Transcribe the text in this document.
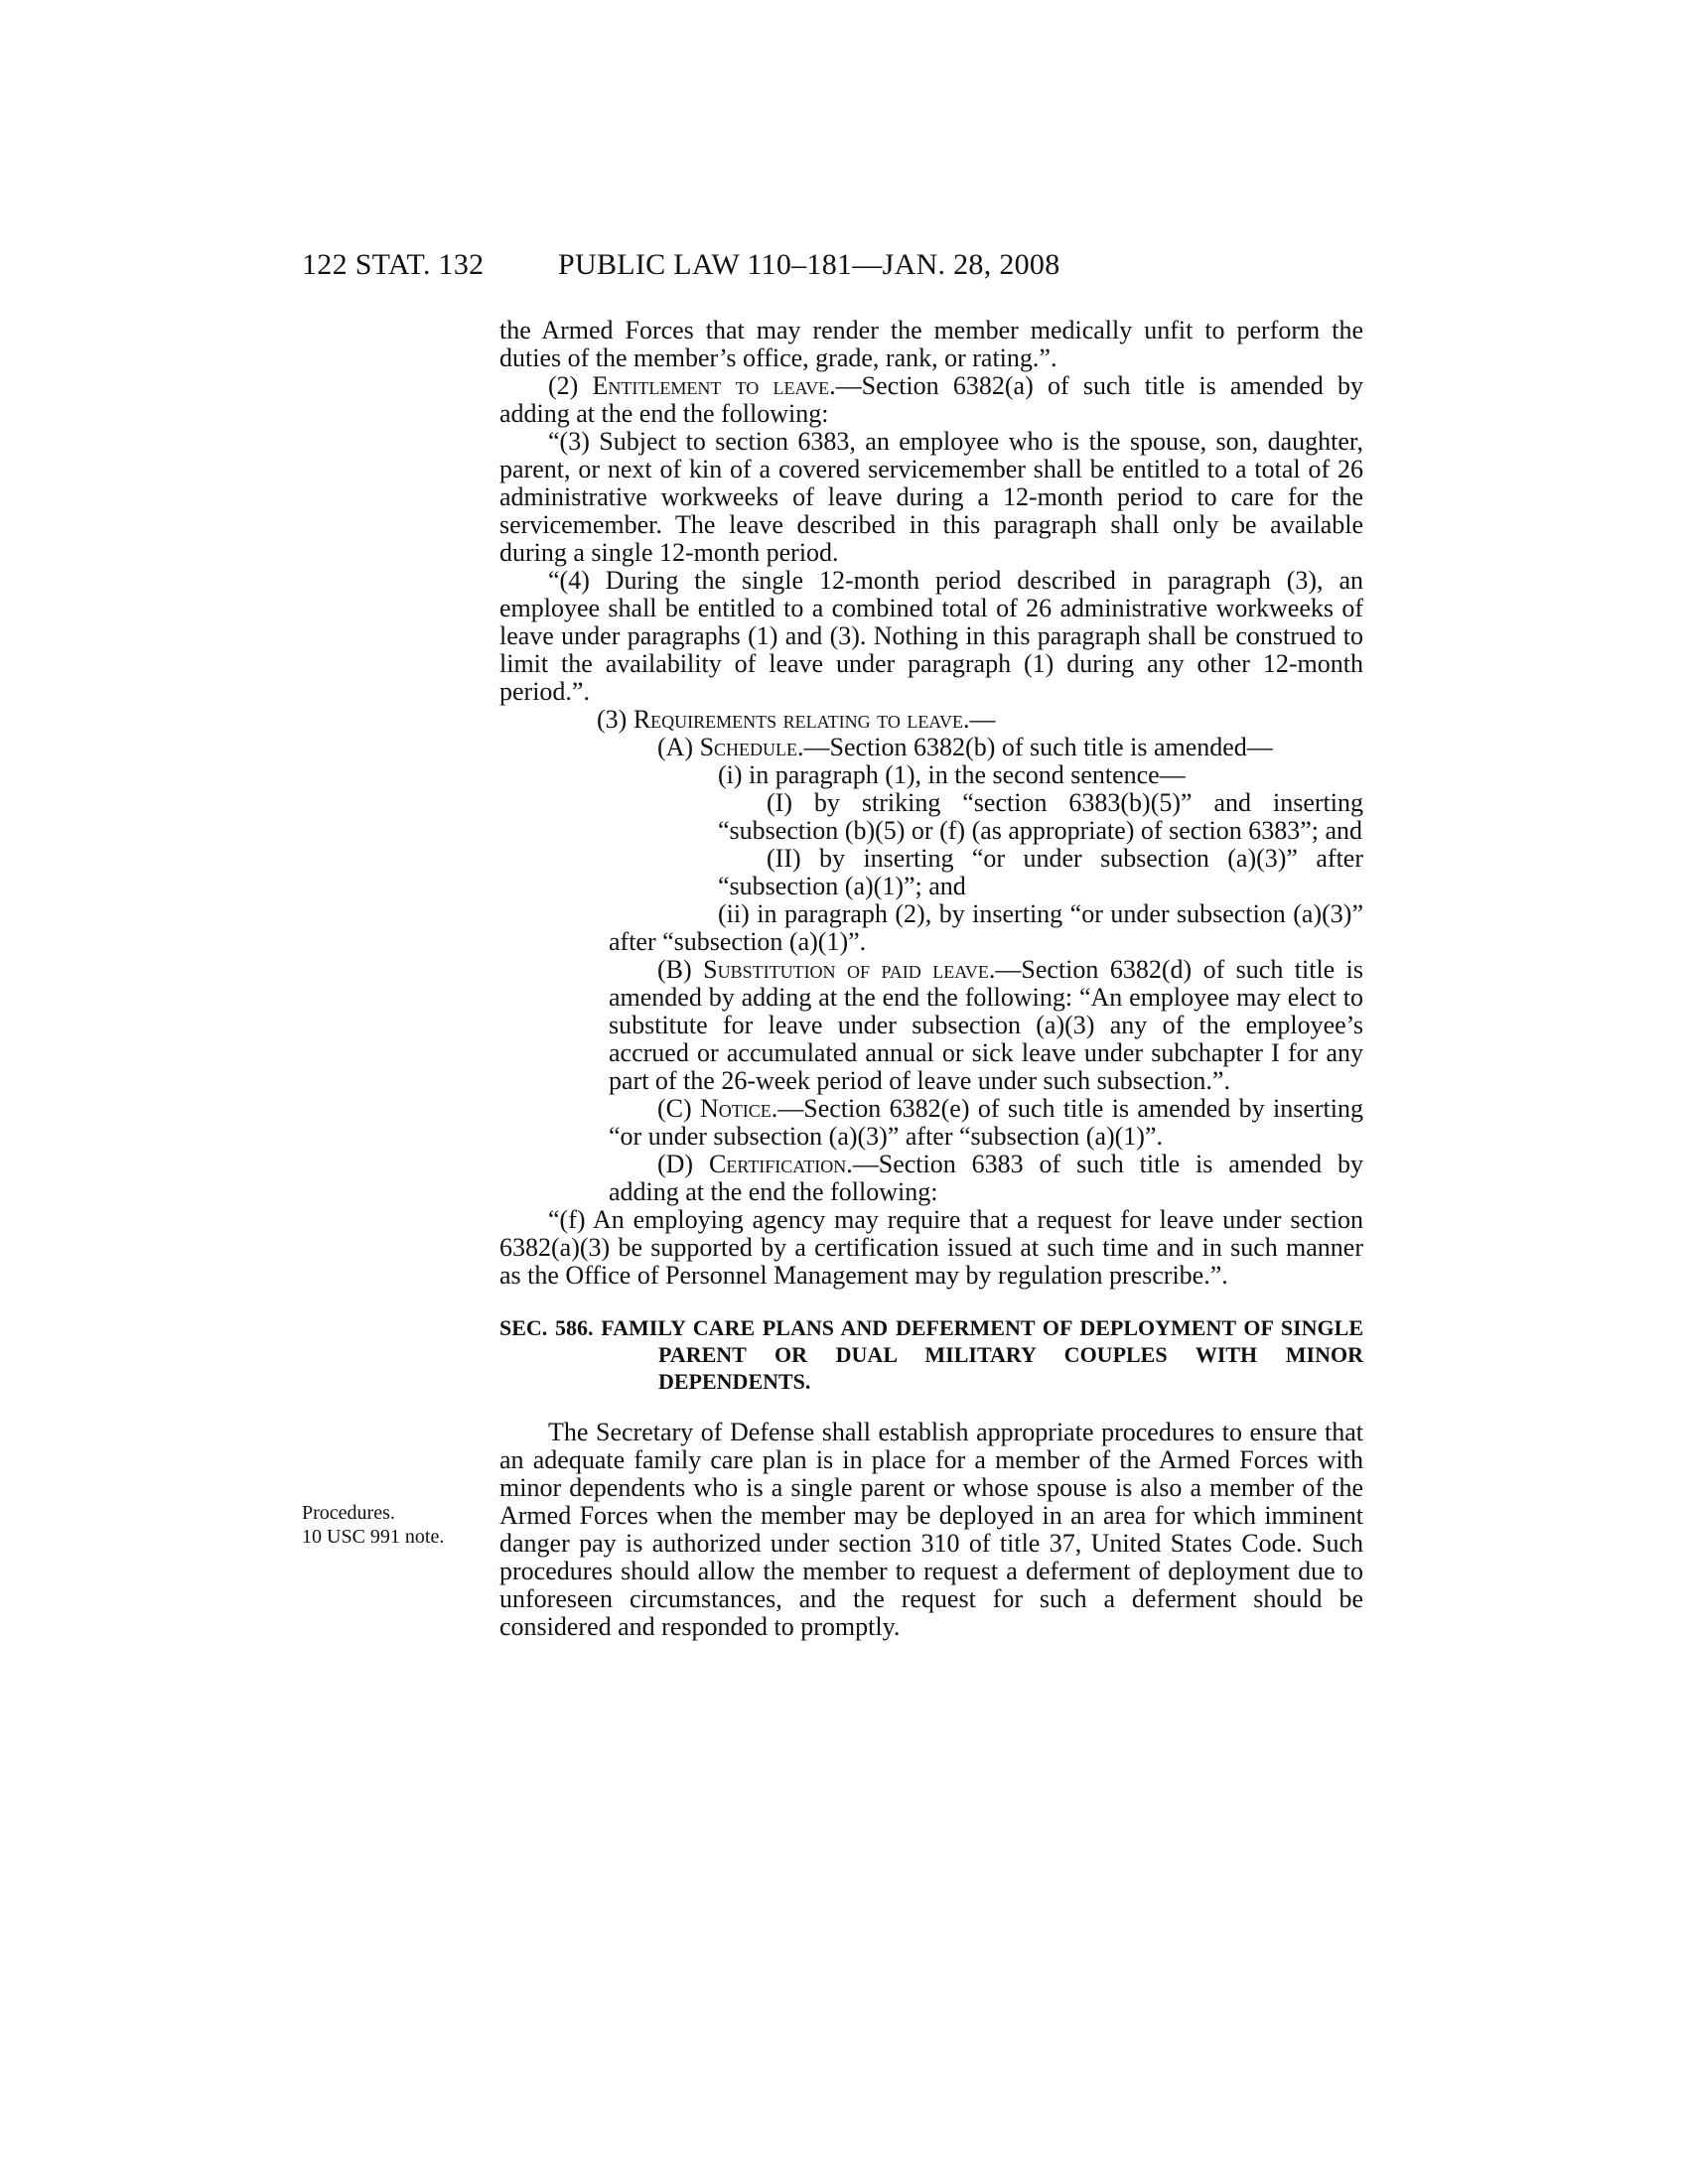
122 STAT. 132 PUBLIC LAW 110–181—JAN. 28, 2008

the Armed Forces that may render the member medically unfit to perform the duties of the member’s office, grade, rank, or rating.”.

(2) Entitlement to leave.—Section 6382(a) of such title is amended by adding at the end the following:

“(3) Subject to section 6383, an employee who is the spouse, son, daughter, parent, or next of kin of a covered servicemember shall be entitled to a total of 26 administrative workweeks of leave during a 12-month period to care for the servicemember. The leave described in this paragraph shall only be available during a single 12-month period.

“(4) During the single 12-month period described in paragraph (3), an employee shall be entitled to a combined total of 26 administrative workweeks of leave under paragraphs (1) and (3). Nothing in this paragraph shall be construed to limit the availability of leave under paragraph (1) during any other 12-month period.”.

(3) Requirements relating to leave.—

(A) Schedule.—Section 6382(b) of such title is amended—

(i) in paragraph (1), in the second sentence—

(I) by striking “section 6383(b)(5)” and inserting “subsection (b)(5) or (f) (as appropriate) of section 6383”; and

(II) by inserting “or under subsection (a)(3)” after “subsection (a)(1)”; and

(ii) in paragraph (2), by inserting “or under subsection (a)(3)” after “subsection (a)(1)”.

(B) Substitution of paid leave.—Section 6382(d) of such title is amended by adding at the end the following: “An employee may elect to substitute for leave under subsection (a)(3) any of the employee’s accrued or accumulated annual or sick leave under subchapter I for any part of the 26-week period of leave under such subsection.”.

(C) Notice.—Section 6382(e) of such title is amended by inserting “or under subsection (a)(3)” after “subsection (a)(1)”.

(D) Certification.—Section 6383 of such title is amended by adding at the end the following:

“(f) An employing agency may require that a request for leave under section 6382(a)(3) be supported by a certification issued at such time and in such manner as the Office of Personnel Management may by regulation prescribe.”.

SEC. 586. FAMILY CARE PLANS AND DEFERMENT OF DEPLOYMENT OF SINGLE PARENT OR DUAL MILITARY COUPLES WITH MINOR DEPENDENTS.

The Secretary of Defense shall establish appropriate procedures to ensure that an adequate family care plan is in place for a member of the Armed Forces with minor dependents who is a single parent or whose spouse is also a member of the Armed Forces when the member may be deployed in an area for which imminent danger pay is authorized under section 310 of title 37, United States Code. Such procedures should allow the member to request a deferment of deployment due to unforeseen circumstances, and the request for such a deferment should be considered and responded to promptly.

Procedures.
10 USC 991 note.
